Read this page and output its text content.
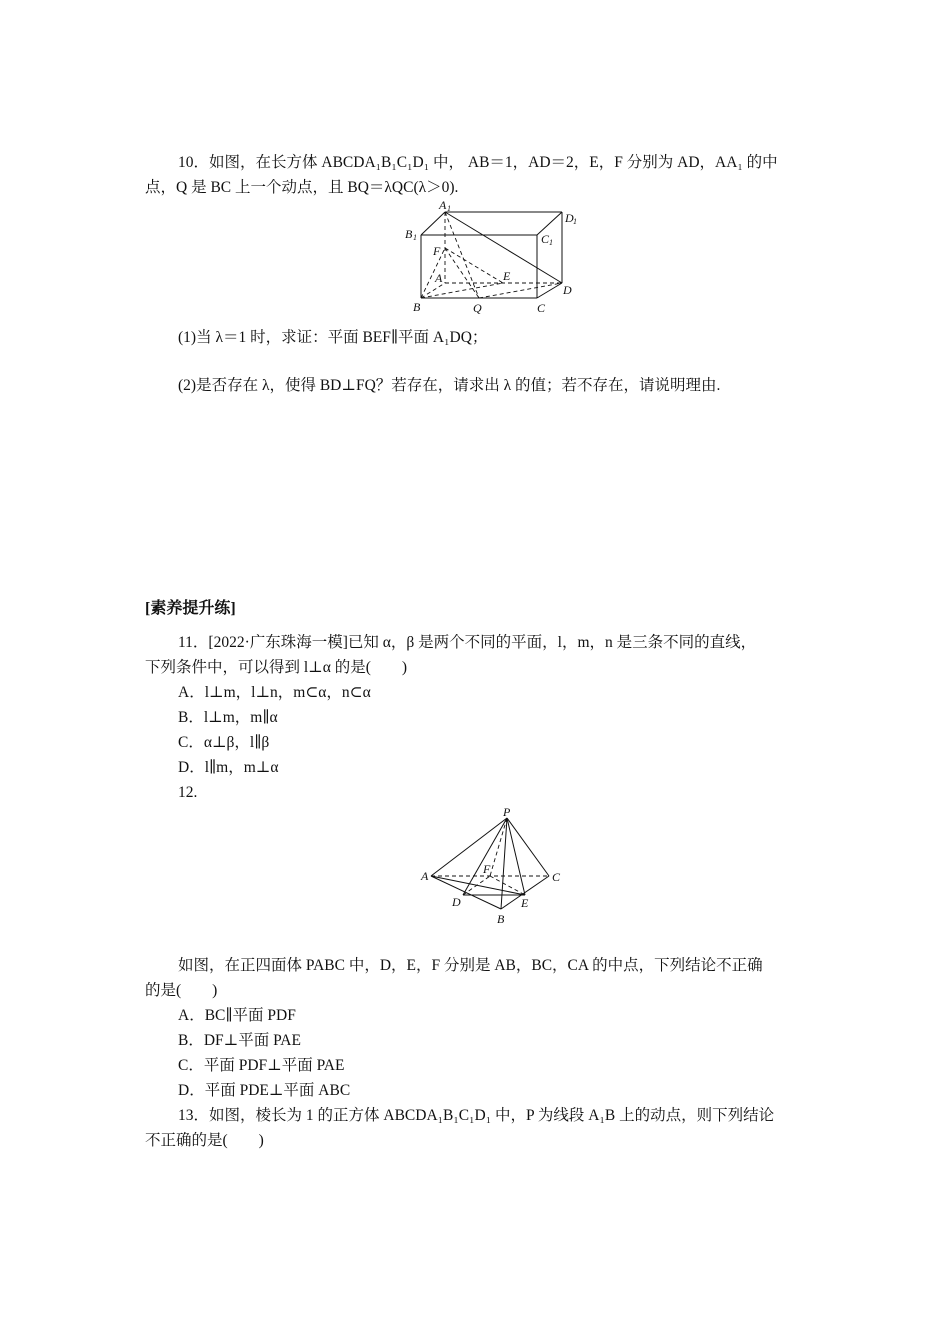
10．如图，在长方体 ABCDA₁B₁C₁D₁ 中， AB＝1，AD＝2，E，F 分别为 AD，AA₁ 的中
点，Q 是 BC 上一个动点，且 BQ＝λQC(λ＞0).
A 1
B 1	C 1
D 1
F
A	E
D
B	Q	C
(1)当 λ＝1 时，求证：平面 BEF∥平面 A₁DQ；
(2)是否存在 λ，使得 BD⊥FQ？若存在，请求出 λ 的值；若不存在，请说明理由.
[素养提升练]
11．[2022·广东珠海一模]已知 α，β 是两个不同的平面，l，m，n 是三条不同的直线，
下列条件中，可以得到 l⊥α 的是(　　)
A．l⊥m，l⊥n，m⊂α，n⊂α
B．l⊥m，m∥α
C．α⊥β，l∥β
D．l∥m，m⊥α
12.
P
A	C
F
D	E
B
如图，在正四面体 PABC 中，D，E，F 分别是 AB，BC，CA 的中点，下列结论不正确
的是(　　)
A．BC∥平面 PDF
B．DF⊥平面 PAE
C．平面 PDF⊥平面 PAE
D．平面 PDE⊥平面 ABC
13．如图，棱长为 1 的正方体 ABCDA₁B₁C₁D₁ 中，P 为线段 A₁B 上的动点，则下列结论
不正确的是(　　)
